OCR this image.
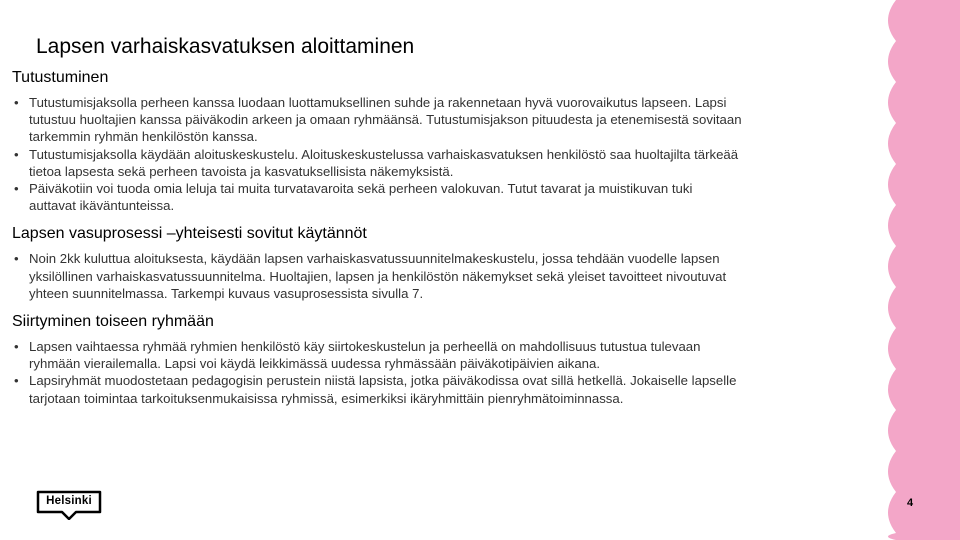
Lapsen varhaiskasvatuksen aloittaminen
Tutustuminen
• Tutustumisjaksolla perheen kanssa luodaan luottamuksellinen suhde ja rakennetaan hyvä vuorovaikutus lapseen. Lapsi
tutustuu huoltajien kanssa päiväkodin arkeen ja omaan ryhmäänsä. Tutustumisjakson pituudesta ja etenemisestä sovitaan
tarkemmin ryhmän henkilöstön kanssa.
• Tutustumisjaksolla käydään aloituskeskustelu. Aloituskeskustelussa varhaiskasvatuksen henkilöstö saa huoltajilta tärkeää
tietoa lapsesta sekä perheen tavoista ja kasvatuksellisista näkemyksistä.
• Päiväkotiin voi tuoda omia leluja tai muita turvatavaroita sekä perheen valokuvan. Tutut tavarat ja muistikuvan tuki
auttavat ikäväntunteissa.
Lapsen vasuprosessi –yhteisesti sovitut käytännöt
• Noin 2kk kuluttua aloituksesta, käydään lapsen varhaiskasvatussuunnitelmakeskustelu, jossa tehdään vuodelle lapsen
yksilöllinen varhaiskasvatussuunnitelma. Huoltajien, lapsen ja henkilöstön näkemykset sekä yleiset tavoitteet nivoutuvat
yhteen suunnitelmassa. Tarkempi kuvaus vasuprosessista sivulla 7.
Siirtyminen toiseen ryhmään
• Lapsen vaihtaessa ryhmää ryhmien henkilöstö käy siirtokeskustelun ja perheellä on mahdollisuus tutustua tulevaan
ryhmään vierailemalla. Lapsi voi käydä leikkimässä uudessa ryhmässään päiväkotipäivien aikana.
• Lapsiryhmät muodostetaan pedagogisin perustein niistä lapsista, jotka päiväkodissa ovat sillä hetkellä. Jokaiselle lapselle
tarjotaan toimintaa tarkoituksenmukaisissa ryhmissä, esimerkiksi ikäryhmittäin pienryhmätoiminnassa.
Helsinki	4
